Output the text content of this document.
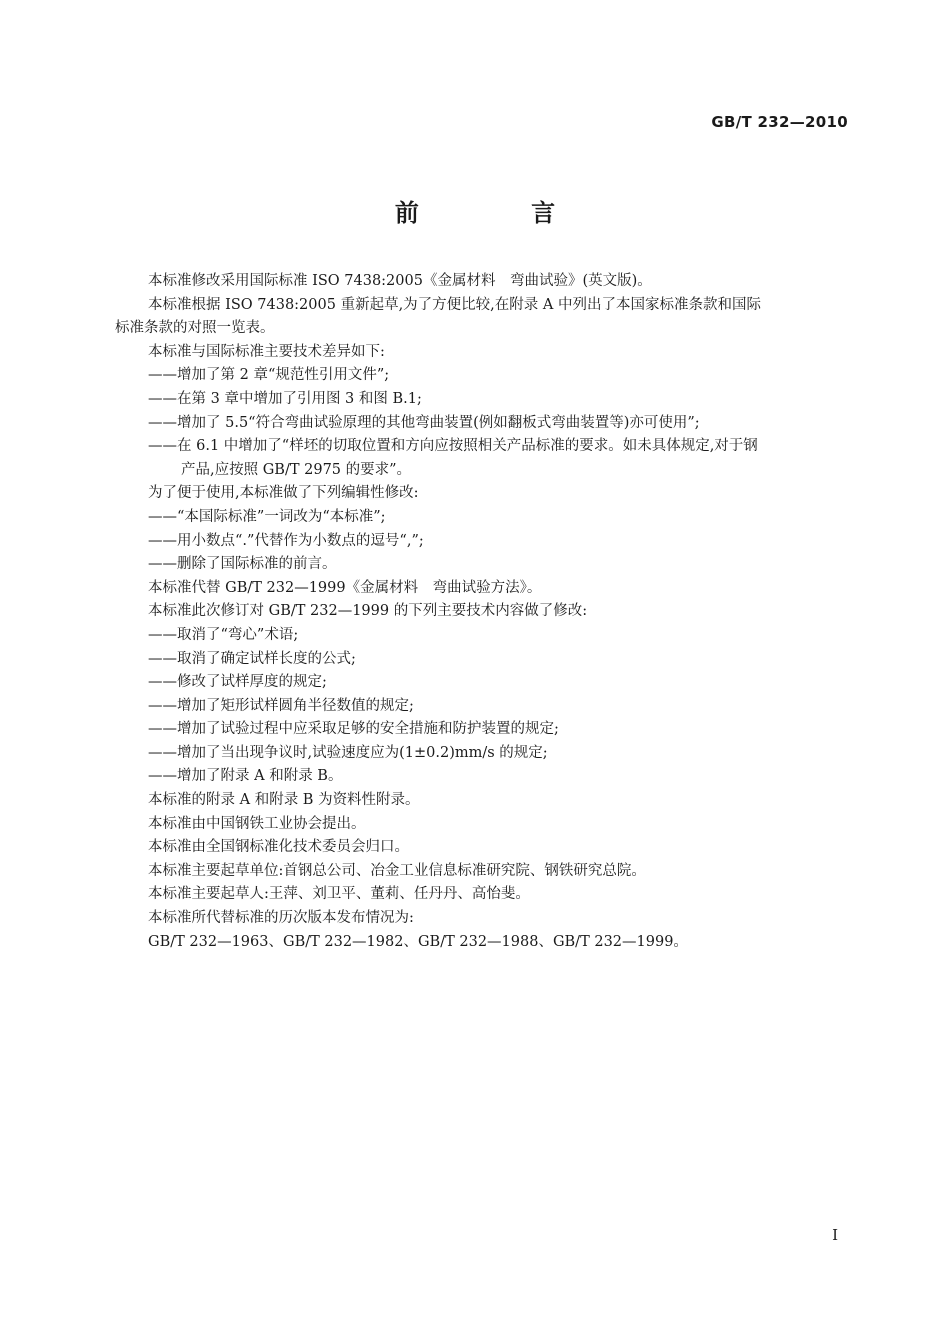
GB/T 232—2010
前 言

本标准修改采用国际标准 ISO 7438:2005《金属材料　弯曲试验》(英文版)。

本标准根据 ISO 7438:2005 重新起草,为了方便比较,在附录 A 中列出了本国家标准条款和国际

标准条款的对照一览表。

本标准与国际标准主要技术差异如下:

——增加了第 2 章“规范性引用文件”;

——在第 3 章中增加了引用图 3 和图 B.1;

——增加了 5.5“符合弯曲试验原理的其他弯曲装置(例如翻板式弯曲装置等)亦可使用”;

——在 6.1 中增加了“样坯的切取位置和方向应按照相关产品标准的要求。如未具体规定,对于钢

产品,应按照 GB/T 2975 的要求”。

为了便于使用,本标准做了下列编辑性修改:

——“本国际标准”一词改为“本标准”;

——用小数点“.”代替作为小数点的逗号“,”;

——删除了国际标准的前言。

本标准代替 GB/T 232—1999《金属材料　弯曲试验方法》。

本标准此次修订对 GB/T 232—1999 的下列主要技术内容做了修改:

——取消了“弯心”术语;

——取消了确定试样长度的公式;

——修改了试样厚度的规定;

——增加了矩形试样圆角半径数值的规定;

——增加了试验过程中应采取足够的安全措施和防护装置的规定;

——增加了当出现争议时,试验速度应为(1±0.2)mm/s 的规定;

——增加了附录 A 和附录 B。

本标准的附录 A 和附录 B 为资料性附录。

本标准由中国钢铁工业协会提出。

本标准由全国钢标准化技术委员会归口。

本标准主要起草单位:首钢总公司、冶金工业信息标准研究院、钢铁研究总院。

本标准主要起草人:王萍、刘卫平、董莉、任丹丹、高怡斐。

本标准所代替标准的历次版本发布情况为:

GB/T 232—1963、GB/T 232—1982、GB/T 232—1988、GB/T 232—1999。

I
